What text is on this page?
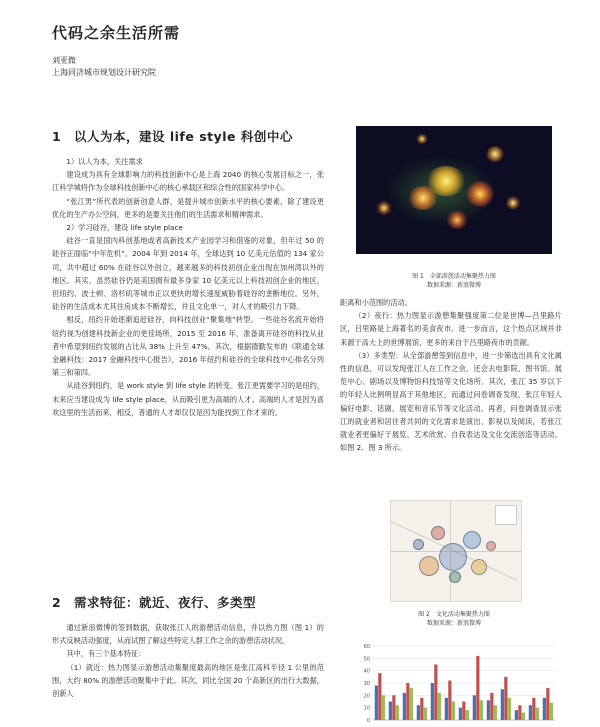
代码之余生活所需
刘亚微
上海同济城市规划设计研究院
1 以人为本，建设 life style 科创中心

1）以人为本，关注需求

建设成为具有全球影响力的科技创新中心是上海 2040 的核心发展目标之一，张江科学城将作为全球科技创新中心的核心承载区和综合性的国家科学中心。

“张江男”所代表的创新创意人群，是提升城市创新水平的核心要素，除了建设更优化的生产办公空间，更多的是要关注他们的生活需求和精神需求。

2）学习硅谷，建设 life style place

硅谷一直是国内科创基地或者高新技术产业园学习和借鉴的对象，但年过 50 的硅谷正面临“中年危机”。2004 年到 2014 年，全球达到 10 亿美元估值的 134 家公司，共中超过 60% 在硅谷以外创立，越来越多的科技初创企业出现在加州湾以外的地区。其实，虽然硅谷仍是美国拥有最多身家 10 亿美元以上科技初创企业的地区，但纽约、波士顿、洛杉矶等城市正以更快的增长速度威胁着硅谷的垄断地位。另外，硅谷的生活成本尤其住房成本不断增长，并且文化单一，对人才的吸引力下降。

相反，纽约开始逐渐追赶硅谷，向科技创业“聚集地”转型。一些硅谷名流开始将纽约视为创建科技新企业的更佳场所，2015 至 2016 年，准备离开硅谷的科技从业者中希望到纽约发展的占比从 38% 上升至 47%。其次，根据德勤发布的《联通全球金融科技：2017 金融科技中心报告》，2016 年纽约和硅谷的全球科技中心排名分列第三和第四。

从硅谷到纽约，是 work style 到 life style 的转变。张江更需要学习的是纽约，未来应当建设成为 life style place，从而吸引更为高端的人才。高端的人才是因为喜欢这里的生活而来，相反，普通的人才却仅仅是因为能找到工作才来的。

2 需求特征：就近、夜行、多类型

通过新浪微博的签到数据，获取张江人的游憩活动信息，并以热力图（图 1）的形式反映活动强度，从而试图了解这些特定人群工作之余的游憩活动状况。

其中，有三个基本特征：

（1）就近：热力图显示游憩活动集聚度最高的地区是张江高科半径 1 公里的范围，大约 80% 的游憩活动聚集中于此。其次，同比全国 20 个高新区的出行大数据，创新人

图 1　全部游憩活动集聚热力图
数据来源：新浪微博

距离和小范围的活动。

（2）夜行：热力图显示游憩集聚强度第二位是世博—吕里路片区，吕里路是上海著名的美食夜市。进一步而言，这个热点区域并非来源于高大上的世博展馆，更多的来自于吕里路夜市的贡献。

（3）多类型：从全部游憩签到信息中，进一步筛选出具有文化属性的信息，可以发现张江人在工作之余，还会去电影院、图书馆、展览中心、剧场以及博物馆科技馆等文化场所。其次，张江 35 岁以下的年轻人比例明显高于其他地区，而通过问卷调查发现，张江年轻人偏好电影、话剧、展览和音乐节等文化活动。再者，问卷调查显示张江的就业者和居住者共同的文化需求是演出、影视以及阅读，若张江就业者更偏好于展览、艺术欣赏、自我表达及文化交流创造等活动。如图 2、图 3 所示。

图 2　文化活动集聚热力图
数据来源：新浪微博
0
10
20
30
40
50
60
